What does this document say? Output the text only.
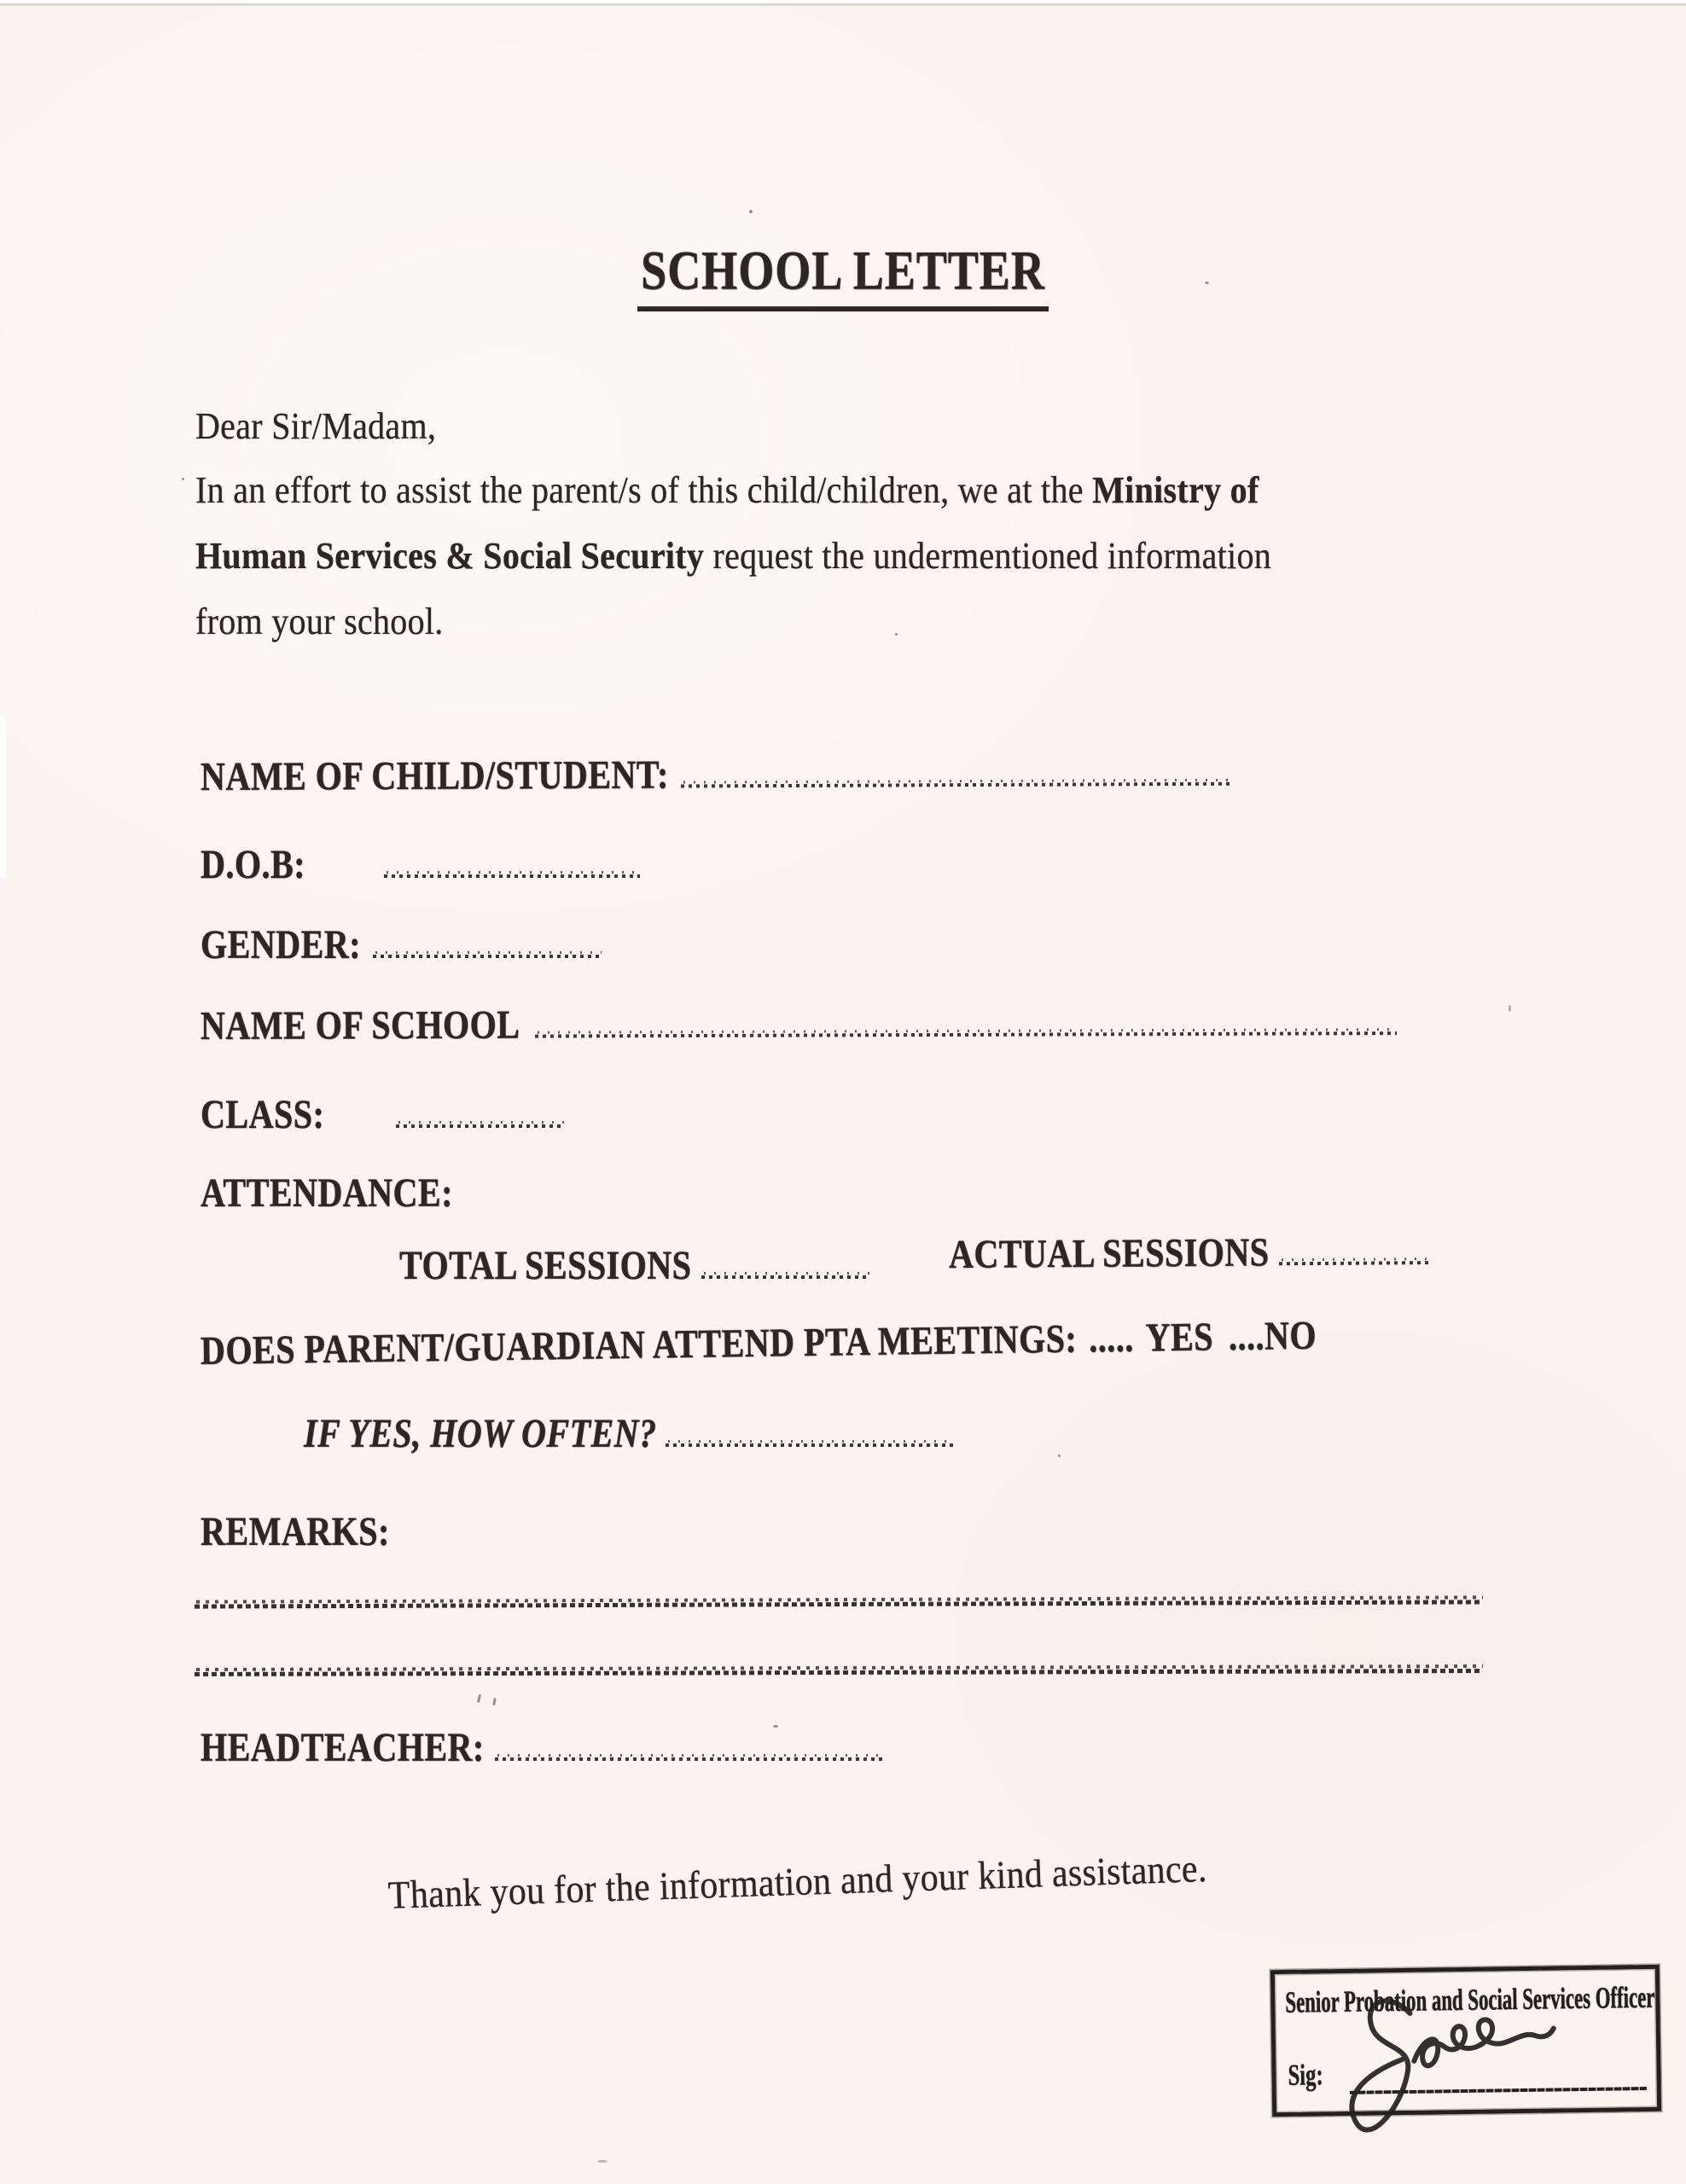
SCHOOL LETTER
Dear Sir/Madam,
In an effort to assist the parent/s of this child/children, we at the Ministry of
Human Services & Social Security request the undermentioned information
from your school.
NAME OF CHILD/STUDENT:
D.O.B:
GENDER:
NAME OF SCHOOL
CLASS:
ATTENDANCE:
TOTAL SESSIONS	ACTUAL SESSIONS
DOES PARENT/GUARDIAN ATTEND PTA MEETINGS: ..... YES ....NO
IF YES, HOW OFTEN?
REMARKS:
HEADTEACHER:
Thank you for the information and your kind assistance.
Senior Probation and Social Services Officer
Sig:
